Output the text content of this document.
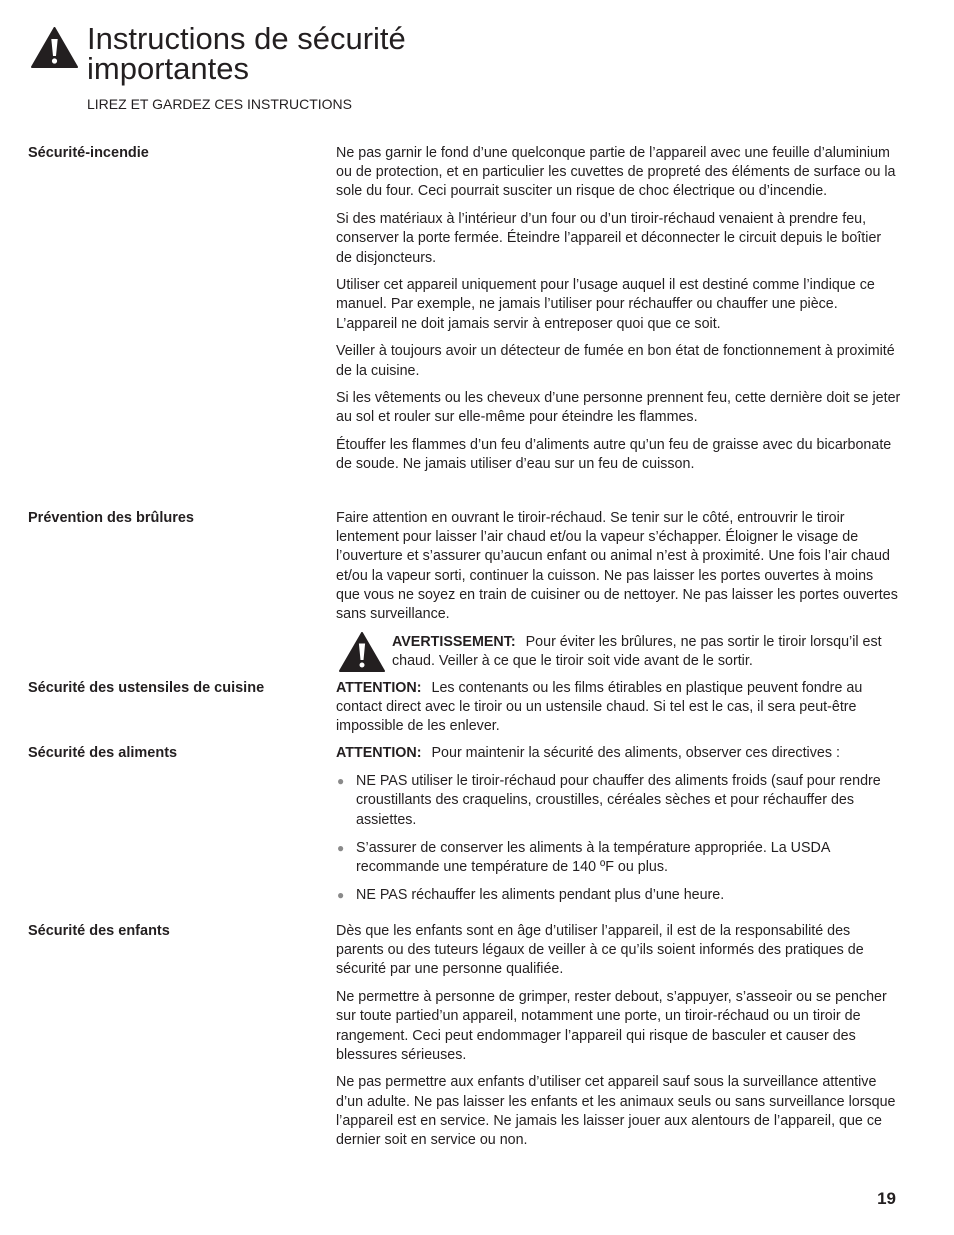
Instructions de sécurité importantes
LIREZ ET GARDEZ CES INSTRUCTIONS
Sécurité-incendie	Ne pas garnir le fond d’une quelconque partie de l’appareil avec une feuille d’aluminium ou de protection, et en particulier les cuvettes de propreté des éléments de surface ou la sole du four. Ceci pourrait susciter un risque de choc électrique ou d’incendie.

Si des matériaux à l’intérieur d’un four ou d’un tiroir-réchaud venaient à prendre feu, conserver la porte fermée. Éteindre l’appareil et déconnecter le circuit depuis le boîtier de disjoncteurs.

Utiliser cet appareil uniquement pour l’usage auquel il est destiné comme l’indique ce manuel. Par exemple, ne jamais l’utiliser pour réchauffer ou chauffer une pièce. L’appareil ne doit jamais servir à entreposer quoi que ce soit.

Veiller à toujours avoir un détecteur de fumée en bon état de fonctionnement à proximité de la cuisine.

Si les vêtements ou les cheveux d’une personne prennent feu, cette dernière doit se jeter au sol et rouler sur elle-même pour éteindre les flammes.

Étouffer les flammes d’un feu d’aliments autre qu’un feu de graisse avec du bicarbonate de soude. Ne jamais utiliser d’eau sur un feu de cuisson.

Prévention des brûlures	Faire attention en ouvrant le tiroir-réchaud. Se tenir sur le côté, entrouvrir le tiroir lentement pour laisser l’air chaud et/ou la vapeur s’échapper. Éloigner le visage de l’ouverture et s’assurer qu’aucun enfant ou animal n’est à proximité. Une fois l’air chaud et/ou la vapeur sorti, continuer la cuisson. Ne pas laisser les portes ouvertes à moins que vous ne soyez en train de cuisiner ou de nettoyer. Ne pas laisser les portes ouvertes sans surveillance.

AVERTISSEMENT: Pour éviter les brûlures, ne pas sortir le tiroir lorsqu’il est chaud. Veiller à ce que le tiroir soit vide avant de le sortir.
Sécurité des ustensiles de cuisine	ATTENTION: Les contenants ou les films étirables en plastique peuvent fondre au contact direct avec le tiroir ou un ustensile chaud. Si tel est le cas, il sera peut-être impossible de les enlever.

Sécurité des aliments	ATTENTION: Pour maintenir la sécurité des aliments, observer ces directives :

● NE PAS utiliser le tiroir-réchaud pour chauffer des aliments froids (sauf pour rendre croustillants des craquelins, croustilles, céréales sèches et pour réchauffer des assiettes.
● S’assurer de conserver les aliments à la température appropriée. La USDA recommande une température de 140 ºF ou plus.
● NE PAS réchauffer les aliments pendant plus d’une heure.
Sécurité des enfants	Dès que les enfants sont en âge d’utiliser l’appareil, il est de la responsabilité des parents ou des tuteurs légaux de veiller à ce qu’ils soient informés des pratiques de sécurité par une personne qualifiée.

Ne permettre à personne de grimper, rester debout, s’appuyer, s’asseoir ou se pencher sur toute partied’un appareil, notamment une porte, un tiroir-réchaud ou un tiroir de rangement. Ceci peut endommager l’appareil qui risque de basculer et causer des blessures sérieuses.

Ne pas permettre aux enfants d’utiliser cet appareil sauf sous la surveillance attentive d’un adulte. Ne pas laisser les enfants et les animaux seuls ou sans surveillance lorsque l’appareil est en service. Ne jamais les laisser jouer aux alentours de l’appareil, que ce dernier soit en service ou non.

19
